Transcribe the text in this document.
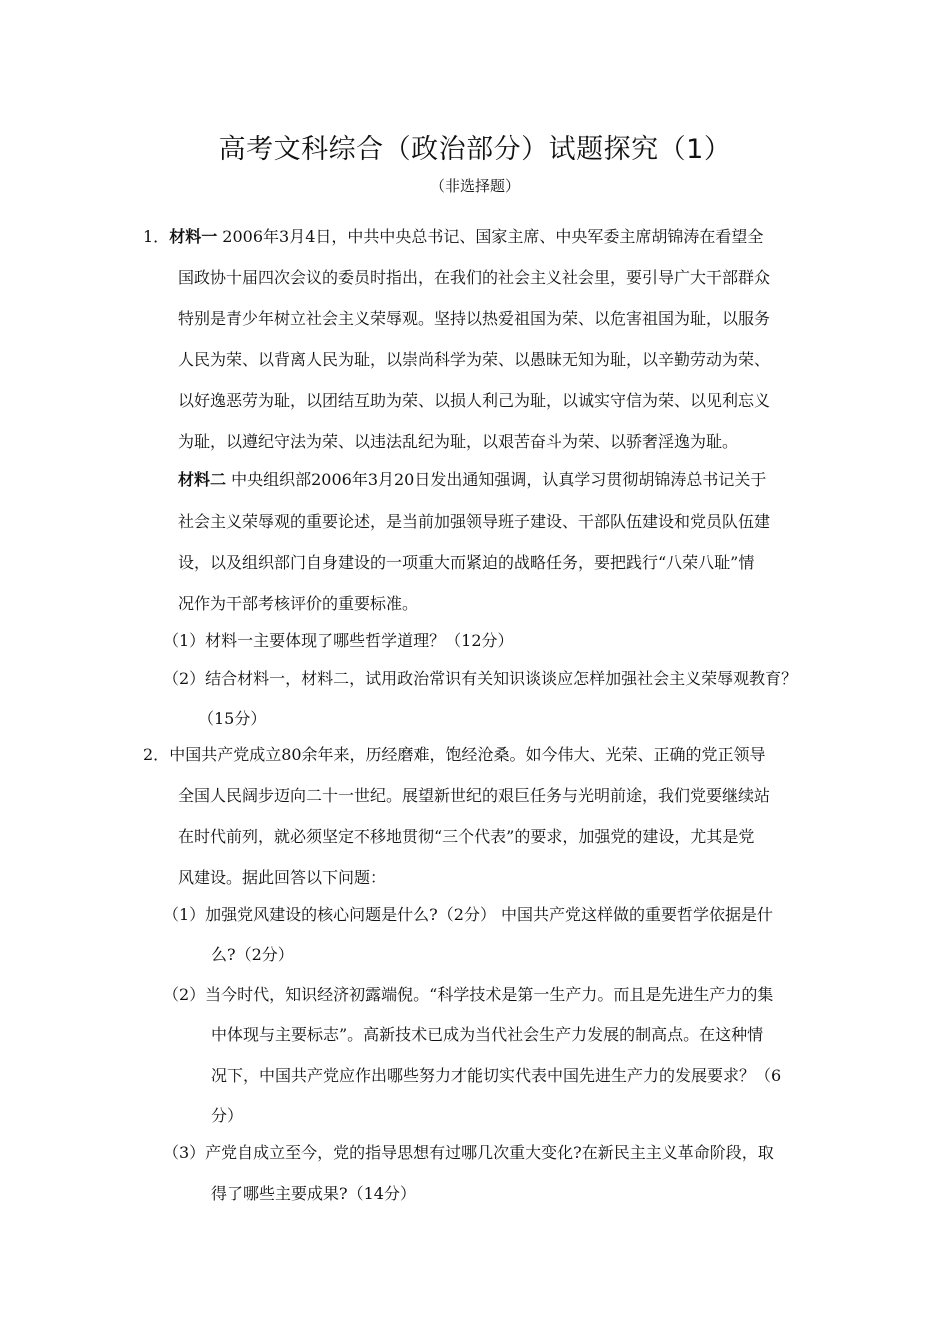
高考文科综合（政治部分）试题探究（1）
（非选择题）
1．材料一 2006年3月4日，中共中央总书记、国家主席、中央军委主席胡锦涛在看望全
国政协十届四次会议的委员时指出，在我们的社会主义社会里，要引导广大干部群众
特别是青少年树立社会主义荣辱观。坚持以热爱祖国为荣、以危害祖国为耻，以服务
人民为荣、以背离人民为耻，以崇尚科学为荣、以愚昧无知为耻，以辛勤劳动为荣、
以好逸恶劳为耻，以团结互助为荣、以损人利己为耻，以诚实守信为荣、以见利忘义
为耻，以遵纪守法为荣、以违法乱纪为耻，以艰苦奋斗为荣、以骄奢淫逸为耻。
材料二 中央组织部2006年3月20日发出通知强调，认真学习贯彻胡锦涛总书记关于
社会主义荣辱观的重要论述，是当前加强领导班子建设、干部队伍建设和党员队伍建
设，以及组织部门自身建设的一项重大而紧迫的战略任务，要把践行“八荣八耻”情
况作为干部考核评价的重要标准。
（1）材料一主要体现了哪些哲学道理？（12分）
（2）结合材料一，材料二，试用政治常识有关知识谈谈应怎样加强社会主义荣辱观教育？
（15分）
2．中国共产党成立80余年来，历经磨难，饱经沧桑。如今伟大、光荣、正确的党正领导
全国人民阔步迈向二十一世纪。展望新世纪的艰巨任务与光明前途，我们党要继续站
在时代前列，就必须坚定不移地贯彻“三个代表”的要求，加强党的建设，尤其是党
风建设。据此回答以下问题：
（1）加强党风建设的核心问题是什么?（2分） 中国共产党这样做的重要哲学依据是什
么?（2分）
（2）当今时代，知识经济初露端倪。“科学技术是第一生产力。而且是先进生产力的集
中体现与主要标志”。高新技术已成为当代社会生产力发展的制高点。在这种情
况下，中国共产党应作出哪些努力才能切实代表中国先进生产力的发展要求？（6
分）
（3）产党自成立至今，党的指导思想有过哪几次重大变化?在新民主主义革命阶段，取
得了哪些主要成果?（14分）
